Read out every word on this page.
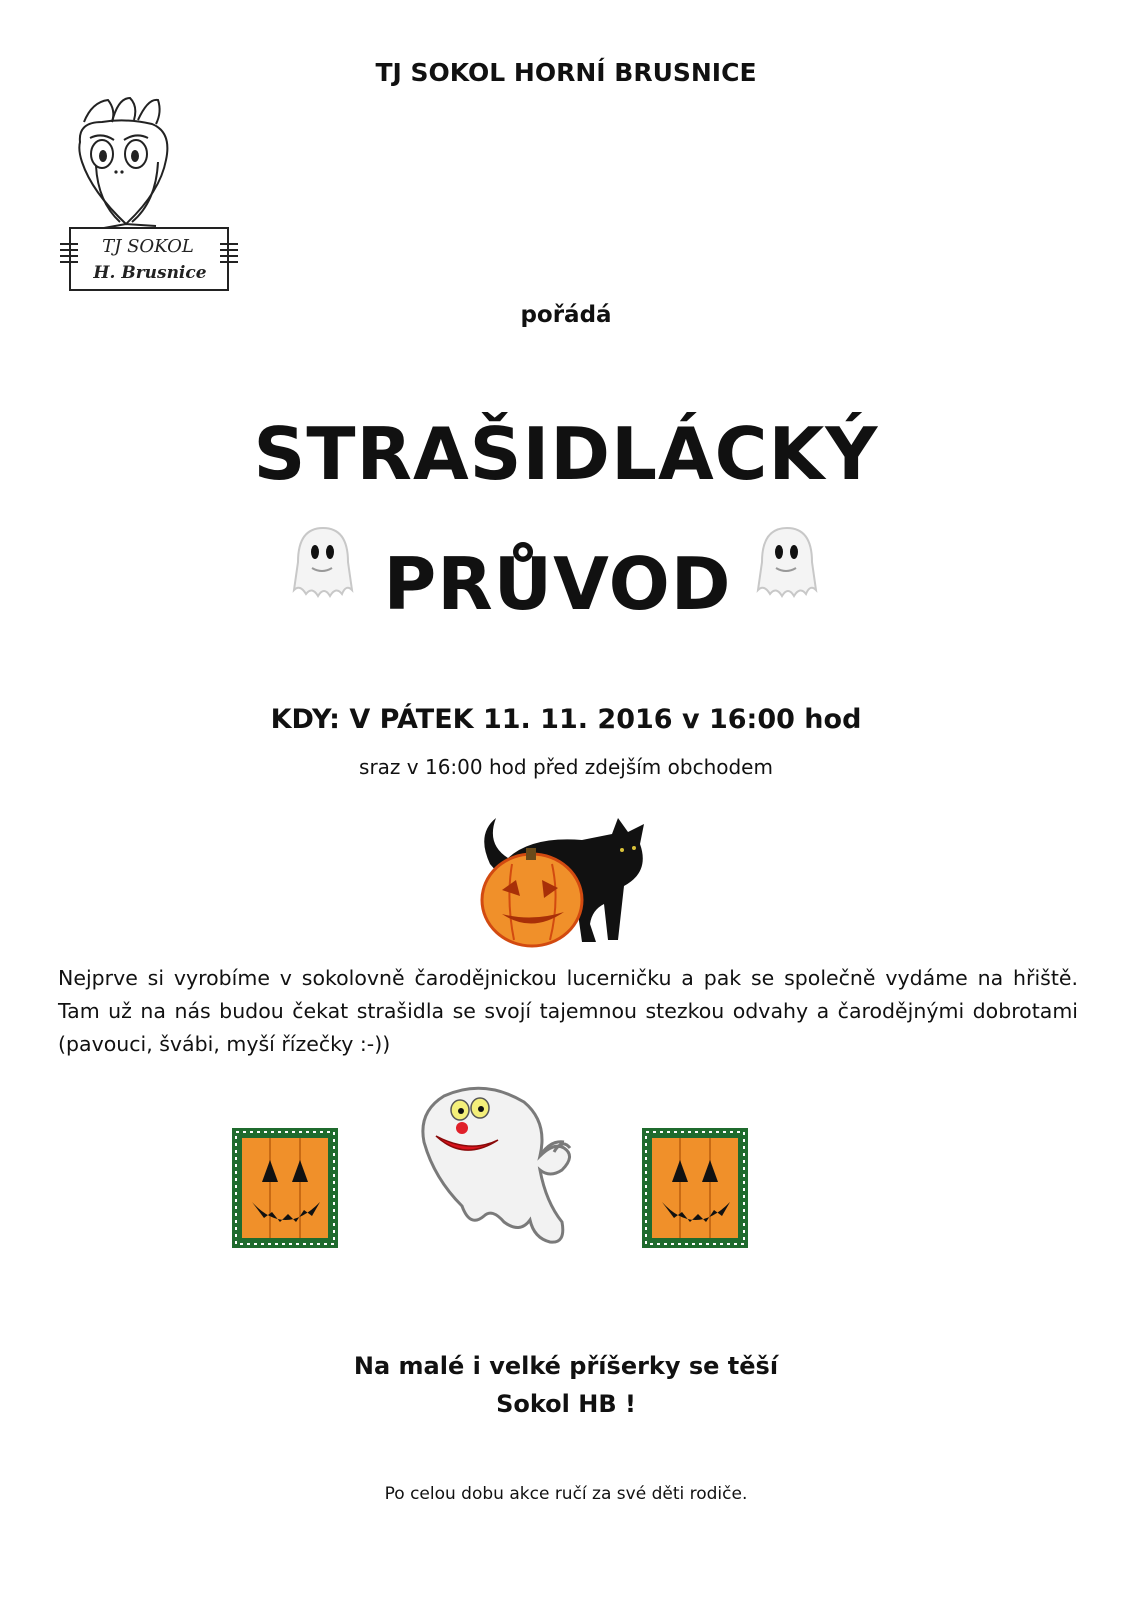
TJ SOKOL HORNÍ BRUSNICE
TJ SOKOL
H. Brusnice
pořádá
STRAŠIDLÁCKÝ
PRŮVOD
KDY: V PÁTEK 11. 11. 2016 v 16:00 hod
sraz v 16:00 hod před zdejším obchodem
Nejprve si vyrobíme v sokolovně čarodějnickou lucerničku a pak se společně vydáme na hřiště. Tam už na nás budou čekat strašidla se svojí tajemnou stezkou odvahy a čarodějnými dobrotami (pavouci, švábi, myší řízečky :-))
Na malé i velké příšerky se těší
Sokol HB !
Po celou dobu akce ručí za své děti rodiče.
